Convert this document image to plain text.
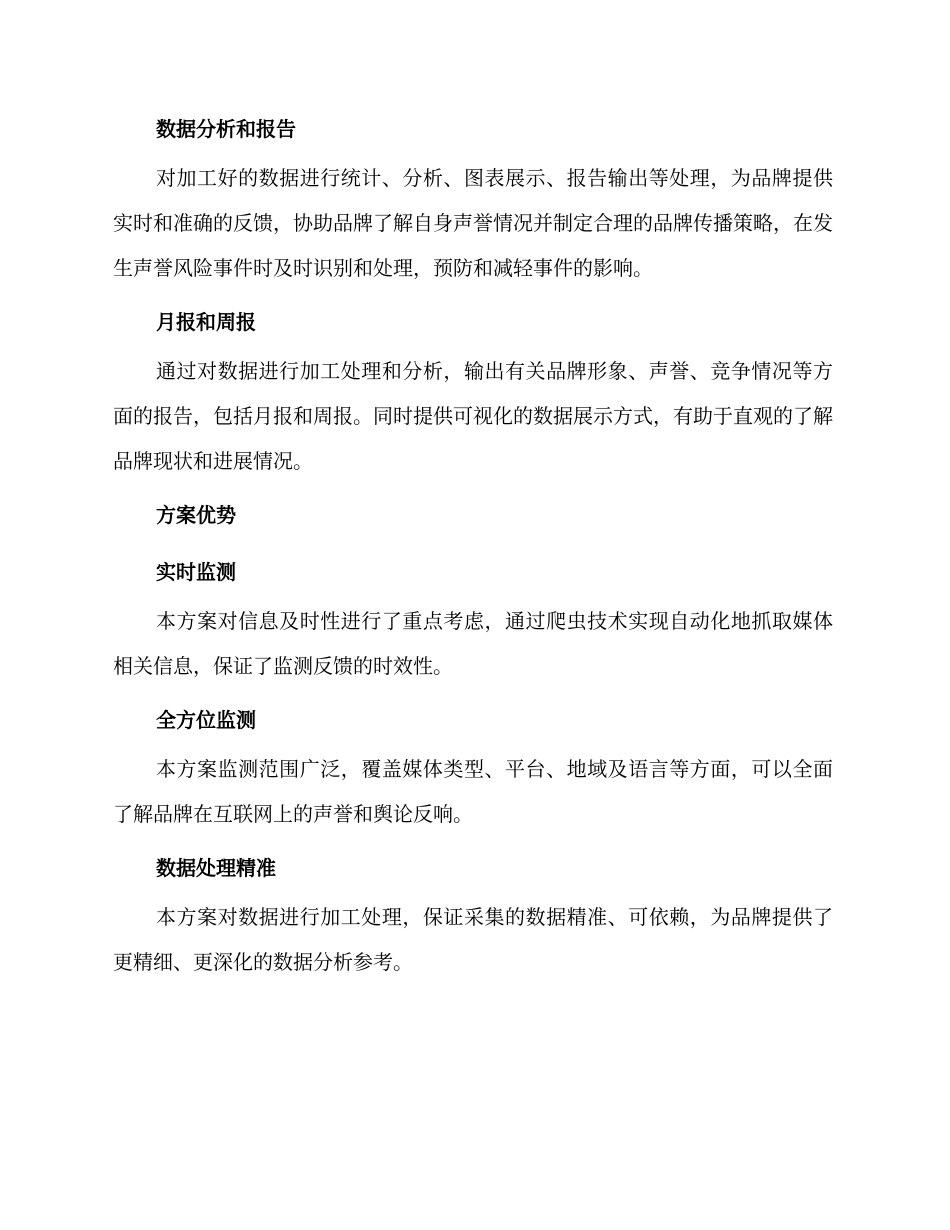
数据分析和报告

对加工好的数据进行统计、分析、图表展示、报告输出等处理，为品牌提供实时和准确的反馈，协助品牌了解自身声誉情况并制定合理的品牌传播策略，在发生声誉风险事件时及时识别和处理，预防和减轻事件的影响。

月报和周报

通过对数据进行加工处理和分析，输出有关品牌形象、声誉、竞争情况等方面的报告，包括月报和周报。同时提供可视化的数据展示方式，有助于直观的了解品牌现状和进展情况。

方案优势
实时监测

本方案对信息及时性进行了重点考虑，通过爬虫技术实现自动化地抓取媒体相关信息，保证了监测反馈的时效性。

全方位监测

本方案监测范围广泛，覆盖媒体类型、平台、地域及语言等方面，可以全面了解品牌在互联网上的声誉和舆论反响。

数据处理精准

本方案对数据进行加工处理，保证采集的数据精准、可依赖，为品牌提供了更精细、更深化的数据分析参考。
